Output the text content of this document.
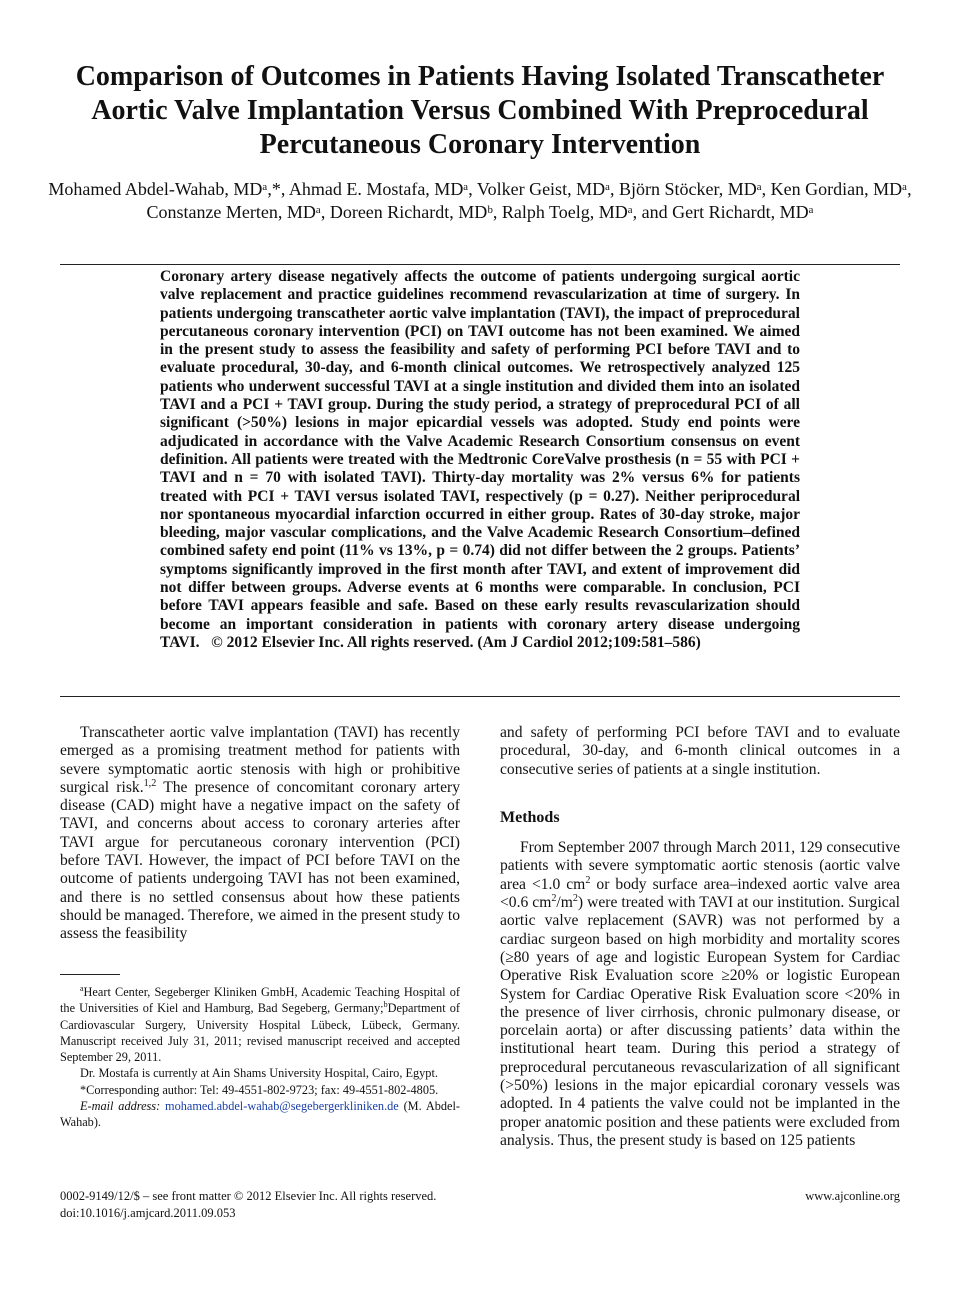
Comparison of Outcomes in Patients Having Isolated Transcatheter Aortic Valve Implantation Versus Combined With Preprocedural Percutaneous Coronary Intervention

Mohamed Abdel-Wahab, MDᵃ,*, Ahmad E. Mostafa, MDᵃ, Volker Geist, MDᵃ, Björn Stöcker, MDᵃ, Ken Gordian, MDᵃ, Constanze Merten, MDᵃ, Doreen Richardt, MDᵇ, Ralph Toelg, MDᵃ, and Gert Richardt, MDᵃ

Coronary artery disease negatively affects the outcome of patients undergoing surgical aortic valve replacement and practice guidelines recommend revascularization at time of surgery. In patients undergoing transcatheter aortic valve implantation (TAVI), the impact of preprocedural percutaneous coronary intervention (PCI) on TAVI outcome has not been examined. We aimed in the present study to assess the feasibility and safety of performing PCI before TAVI and to evaluate procedural, 30-day, and 6-month clinical outcomes. We retrospectively analyzed 125 patients who underwent successful TAVI at a single institution and divided them into an isolated TAVI and a PCI + TAVI group. During the study period, a strategy of preprocedural PCI of all significant (>50%) lesions in major epicardial vessels was adopted. Study end points were adjudicated in accordance with the Valve Academic Research Consortium consensus on event definition. All patients were treated with the Medtronic CoreValve prosthesis (n = 55 with PCI + TAVI and n = 70 with isolated TAVI). Thirty-day mortality was 2% versus 6% for patients treated with PCI + TAVI versus isolated TAVI, respectively (p = 0.27). Neither periprocedural nor spontaneous myocardial infarction occurred in either group. Rates of 30-day stroke, major bleeding, major vascular complications, and the Valve Academic Research Consortium–defined combined safety end point (11% vs 13%, p = 0.74) did not differ between the 2 groups. Patients’ symptoms significantly improved in the first month after TAVI, and extent of improvement did not differ between groups. Adverse events at 6 months were comparable. In conclusion, PCI before TAVI appears feasible and safe. Based on these early results revascularization should become an important consideration in patients with coronary artery disease undergoing TAVI. © 2012 Elsevier Inc. All rights reserved. (Am J Cardiol 2012;109:581–586)

Transcatheter aortic valve implantation (TAVI) has recently emerged as a promising treatment method for patients with severe symptomatic aortic stenosis with high or prohibitive surgical risk.$^{1,2}$ The presence of concomitant coronary artery disease (CAD) might have a negative impact on the safety of TAVI, and concerns about access to coronary arteries after TAVI argue for percutaneous coronary intervention (PCI) before TAVI. However, the impact of PCI before TAVI on the outcome of patients undergoing TAVI has not been examined, and there is no settled consensus about how these patients should be managed. Therefore, we aimed in the present study to assess the feasibility

$^a$Heart Center, Segeberger Kliniken GmbH, Academic Teaching Hospital of the Universities of Kiel and Hamburg, Bad Segeberg, Germany;$^b$Department of Cardiovascular Surgery, University Hospital Lübeck, Lübeck, Germany. Manuscript received July 31, 2011; revised manuscript received and accepted September 29, 2011.

Dr. Mostafa is currently at Ain Shams University Hospital, Cairo, Egypt.

*Corresponding author: Tel: 49-4551-802-9723; fax: 49-4551-802-4805.

E-mail address: mohamed.abdel-wahab@segebergerkliniken.de (M. Abdel-Wahab).

and safety of performing PCI before TAVI and to evaluate procedural, 30-day, and 6-month clinical outcomes in a consecutive series of patients at a single institution.

Methods

From September 2007 through March 2011, 129 consecutive patients with severe symptomatic aortic stenosis (aortic valve area <1.0 $cm^2$ or body surface area–indexed aortic valve area <0.6 $cm^2/m^2$) were treated with TAVI at our institution. Surgical aortic valve replacement (SAVR) was not performed by a cardiac surgeon based on high morbidity and mortality scores (≥80 years of age and logistic European System for Cardiac Operative Risk Evaluation score ≥20% or logistic European System for Cardiac Operative Risk Evaluation score <20% in the presence of liver cirrhosis, chronic pulmonary disease, or porcelain aorta) or after discussing patients’ data within the institutional heart team. During this period a strategy of preprocedural percutaneous revascularization of all significant (>50%) lesions in the major epicardial coronary vessels was adopted. In 4 patients the valve could not be implanted in the proper anatomic position and these patients were excluded from analysis. Thus, the present study is based on 125 patients

0002-9149/12/$ – see front matter © 2012 Elsevier Inc. All rights reserved.
doi:10.1016/j.amjcard.2011.09.053
www.ajconline.org
